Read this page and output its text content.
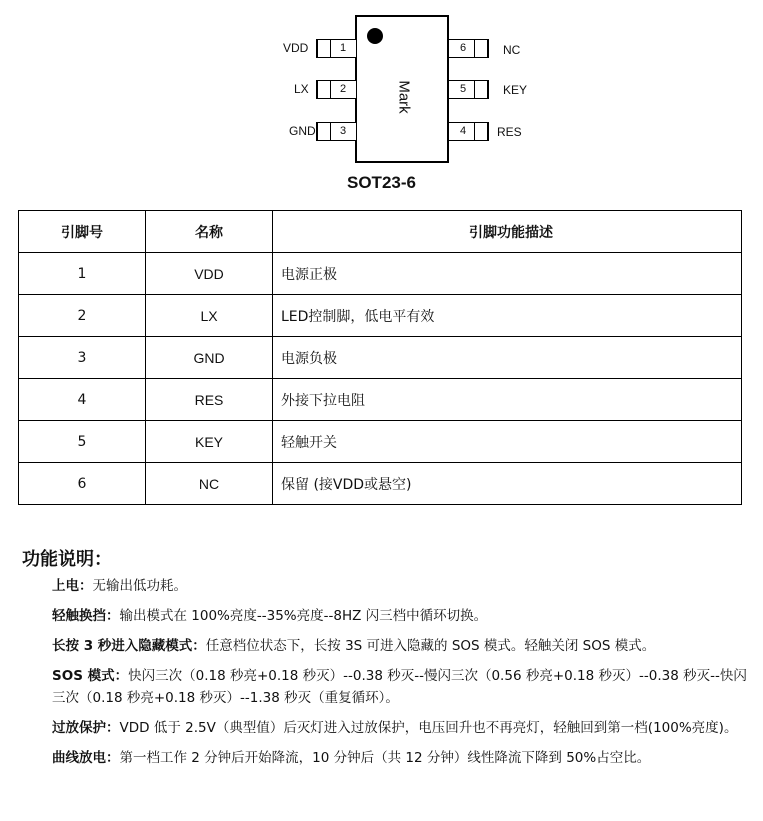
Mark
VDD	1
LX	2
GND	3
6	NC
5	KEY
4	RES
SOT23-6
引脚号	名称	引脚功能描述
1	VDD	电源正极
2	LX	LED控制脚，低电平有效
3	GND	电源负极
4	RES	外接下拉电阻
5	KEY	轻触开关
6	NC	保留 (接VDD或悬空)
功能说明：

上电：无输出低功耗。

轻触换挡：输出模式在 100%亮度--35%亮度--8HZ 闪三档中循环切换。

长按 3 秒进入隐藏模式：任意档位状态下，长按 3S 可进入隐藏的 SOS 模式。轻触关闭 SOS 模式。

SOS 模式：快闪三次（0.18 秒亮+0.18 秒灭）--0.38 秒灭--慢闪三次（0.56 秒亮+0.18 秒灭）--0.38 秒灭--快闪三次（0.18 秒亮+0.18 秒灭）--1.38 秒灭（重复循环）。

过放保护：VDD 低于 2.5V（典型值）后灭灯进入过放保护，电压回升也不再亮灯，轻触回到第一档(100%亮度)。

曲线放电：第一档工作 2 分钟后开始降流，10 分钟后（共 12 分钟）线性降流下降到 50%占空比。
